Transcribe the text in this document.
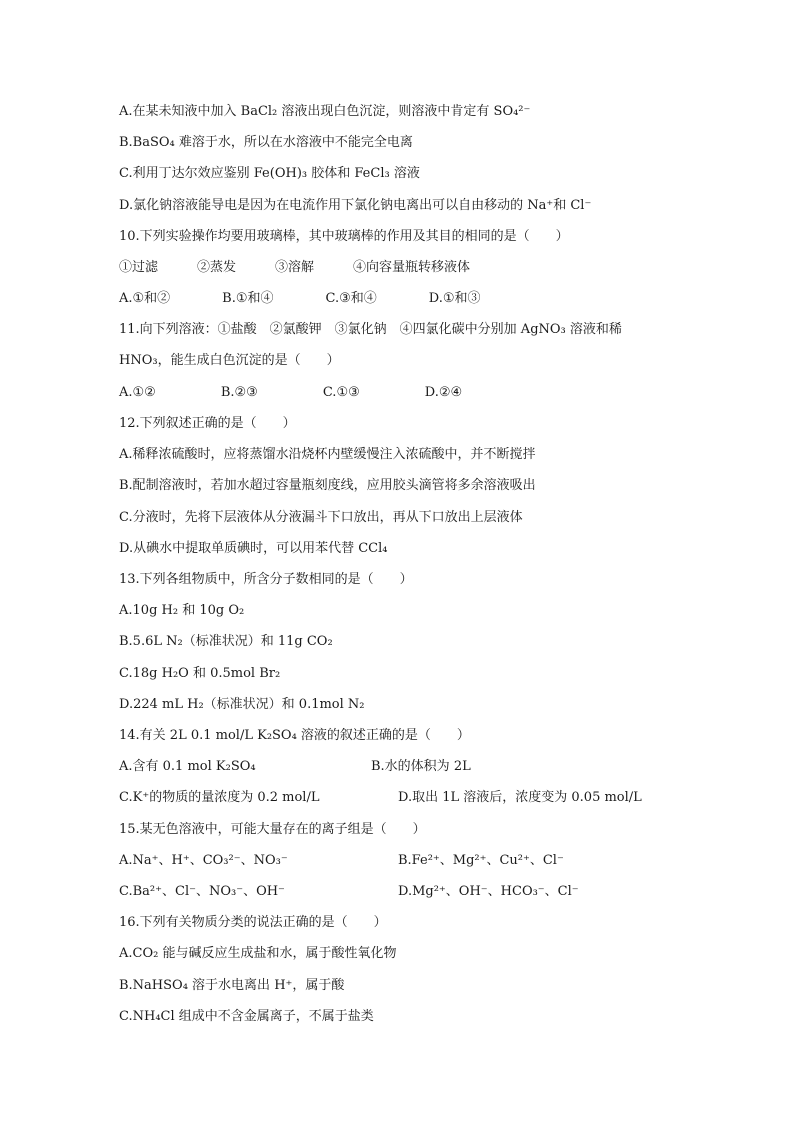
A.在某未知液中加入 BaCl₂ 溶液出现白色沉淀，则溶液中肯定有 SO₄²⁻
B.BaSO₄ 难溶于水，所以在水溶液中不能完全电离
C.利用丁达尔效应鉴别 Fe(OH)₃ 胶体和 FeCl₃ 溶液
D.氯化钠溶液能导电是因为在电流作用下氯化钠电离出可以自由移动的 Na⁺和 Cl⁻
10.下列实验操作均要用玻璃棒，其中玻璃棒的作用及其目的相同的是（　　）
①过滤　　　②蒸发　　　③溶解　　　④向容量瓶转移液体
A.①和②　　　　B.①和④　　　　C.③和④　　　　D.①和③
11.向下列溶液：①盐酸　②氯酸钾　③氯化钠　④四氯化碳中分别加 AgNO₃ 溶液和稀
HNO₃，能生成白色沉淀的是（　　）
A.①②　　　　　B.②③　　　　　C.①③　　　　　D.②④
12.下列叙述正确的是（　　）
A.稀释浓硫酸时，应将蒸馏水沿烧杯内壁缓慢注入浓硫酸中，并不断搅拌
B.配制溶液时，若加水超过容量瓶刻度线，应用胶头滴管将多余溶液吸出
C.分液时，先将下层液体从分液漏斗下口放出，再从下口放出上层液体
D.从碘水中提取单质碘时，可以用苯代替 CCl₄
13.下列各组物质中，所含分子数相同的是（　　）
A.10g H₂ 和 10g O₂
B.5.6L N₂（标准状况）和 11g CO₂
C.18g H₂O 和 0.5mol Br₂
D.224 mL H₂（标准状况）和 0.1mol N₂
14.有关 2L 0.1 mol/L K₂SO₄ 溶液的叙述正确的是（　　）
A.含有 0.1 mol K₂SO₄	B.水的体积为 2L
C.K⁺的物质的量浓度为 0.2 mol/L	D.取出 1L 溶液后，浓度变为 0.05 mol/L
15.某无色溶液中，可能大量存在的离子组是（　　）
A.Na⁺、H⁺、CO₃²⁻、NO₃⁻	B.Fe²⁺、Mg²⁺、Cu²⁺、Cl⁻
C.Ba²⁺、Cl⁻、NO₃⁻、OH⁻	D.Mg²⁺、OH⁻、HCO₃⁻、Cl⁻
16.下列有关物质分类的说法正确的是（　　）
A.CO₂ 能与碱反应生成盐和水，属于酸性氧化物
B.NaHSO₄ 溶于水电离出 H⁺，属于酸
C.NH₄Cl 组成中不含金属离子，不属于盐类
